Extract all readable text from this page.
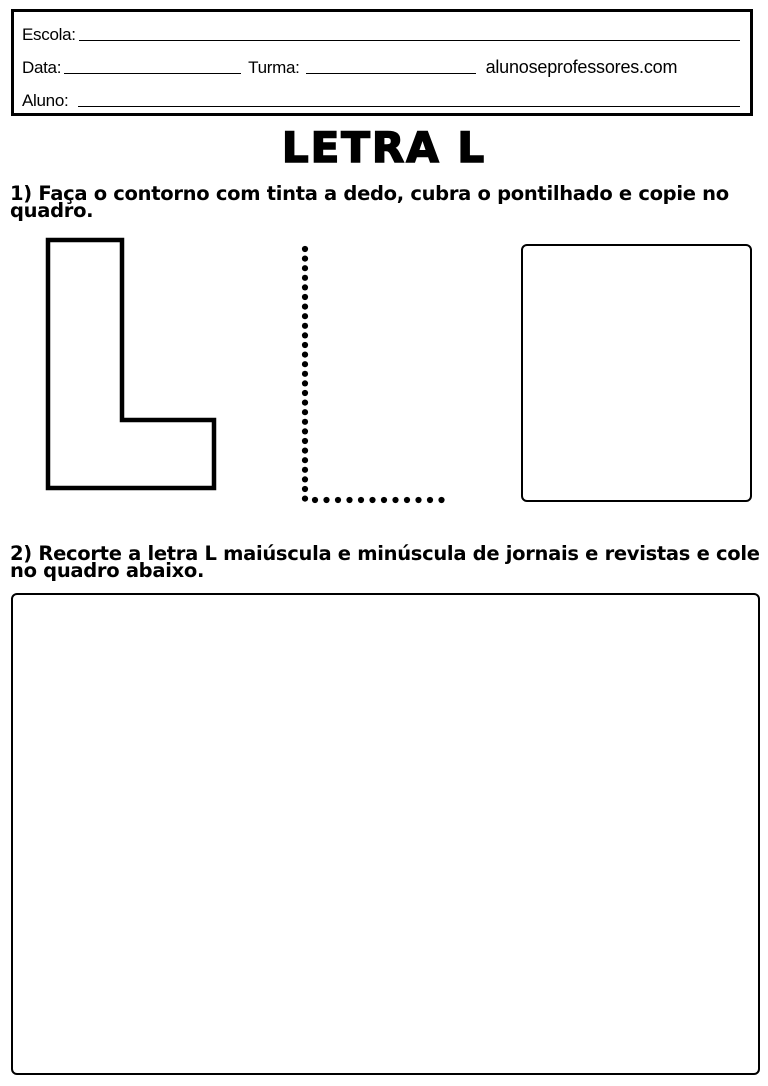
Escola:
Data:	Turma:	alunoseprofessores.com
Aluno:
LETRA L
1) Faça o contorno com tinta a dedo, cubra o pontilhado e copie no quadro.
2) Recorte a letra L maiúscula e minúscula de jornais e revistas e cole no quadro abaixo.
